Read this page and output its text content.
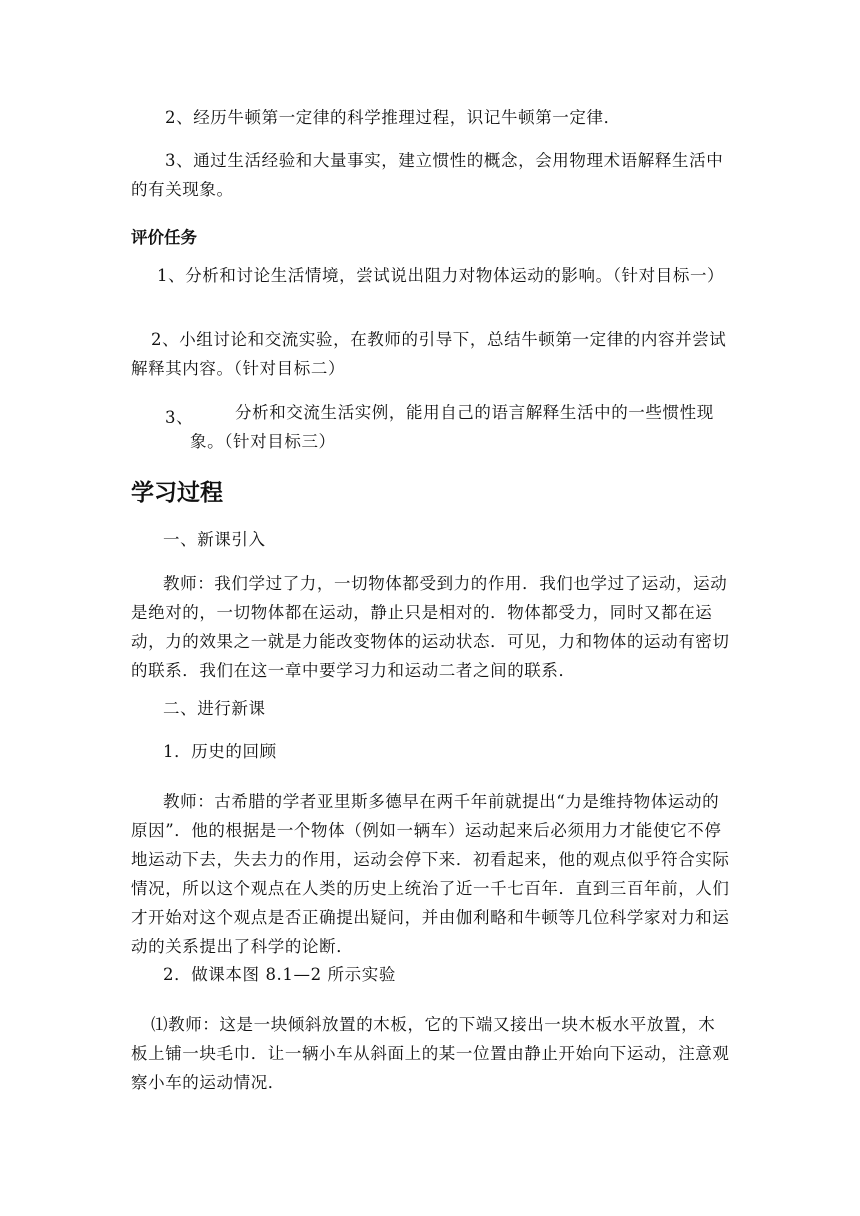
2、经历牛顿第一定律的科学推理过程，识记牛顿第一定律．

3、通过生活经验和大量事实，建立惯性的概念，会用物理术语解释生活中的有关现象。

评价任务

1、分析和讨论生活情境，尝试说出阻力对物体运动的影响。（针对目标一）

2、小组讨论和交流实验，在教师的引导下，总结牛顿第一定律的内容并尝试解释其内容。（针对目标二）

3、	分析和交流生活实例，能用自己的语言解释生活中的一些惯性现象。（针对目标三）

学习过程

一、新课引入

教师：我们学过了力，一切物体都受到力的作用．我们也学过了运动，运动是绝对的，一切物体都在运动，静止只是相对的．物体都受力，同时又都在运动，力的效果之一就是力能改变物体的运动状态．可见，力和物体的运动有密切的联系．我们在这一章中要学习力和运动二者之间的联系．

二、进行新课

1．历史的回顾

教师：古希腊的学者亚里斯多德早在两千年前就提出“力是维持物体运动的原因”．他的根据是一个物体（例如一辆车）运动起来后必须用力才能使它不停地运动下去，失去力的作用，运动会停下来．初看起来，他的观点似乎符合实际情况，所以这个观点在人类的历史上统治了近一千七百年．直到三百年前，人们才开始对这个观点是否正确提出疑问，并由伽利略和牛顿等几位科学家对力和运动的关系提出了科学的论断．

2．做课本图 8.1—2 所示实验

⑴教师：这是一块倾斜放置的木板，它的下端又接出一块木板水平放置，木板上铺一块毛巾．让一辆小车从斜面上的某一位置由静止开始向下运动，注意观察小车的运动情况．
